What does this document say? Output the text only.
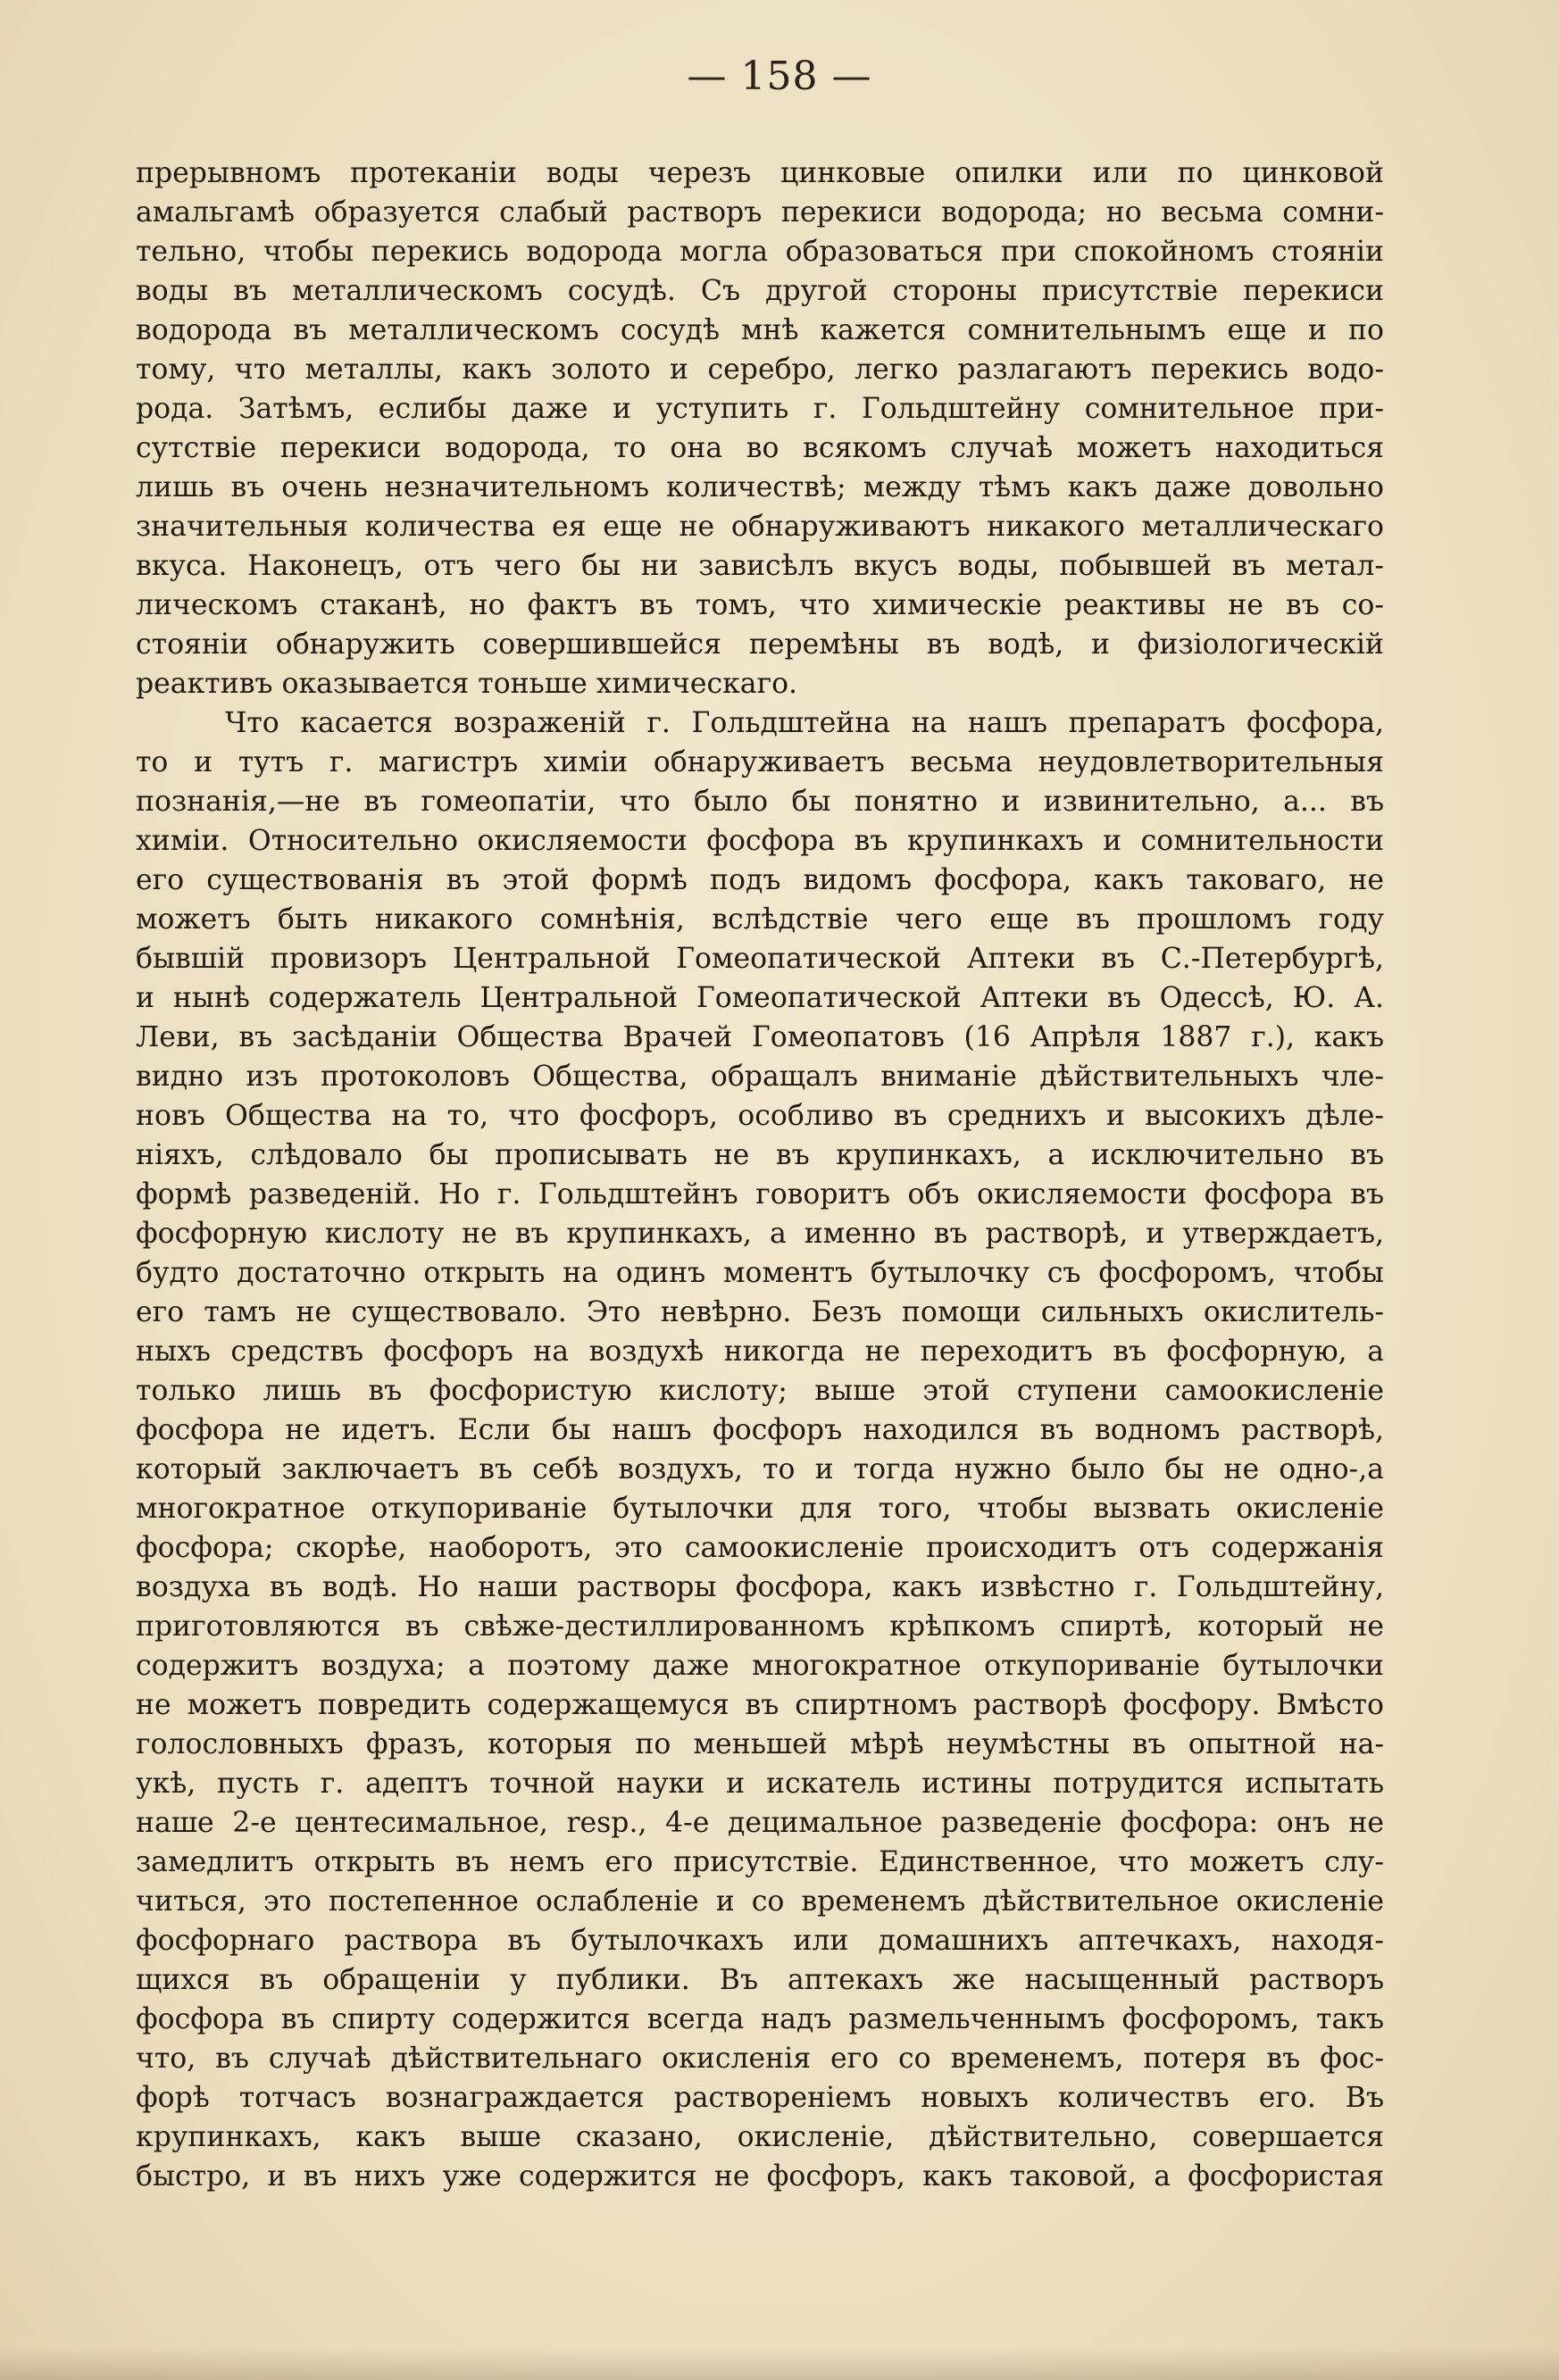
— 158 —
прерывномъ протеканіи воды черезъ цинковые опилки или по цинковой
амальгамѣ образуется слабый растворъ перекиси водорода; но весьма сомни-
тельно, чтобы перекись водорода могла образоваться при спокойномъ стояніи
воды въ металлическомъ сосудѣ. Съ другой стороны присутствіе перекиси
водорода въ металлическомъ сосудѣ мнѣ кажется сомнительнымъ еще и по
тому, что металлы, какъ золото и серебро, легко разлагаютъ перекись водо-
рода. Затѣмъ, еслибы даже и уступить г. Гольдштейну сомнительное при-
сутствіе перекиси водорода, то она во всякомъ случаѣ можетъ находиться
лишь въ очень незначительномъ количествѣ; между тѣмъ какъ даже довольно
значительныя количества ея еще не обнаруживаютъ никакого металлическаго
вкуса. Наконецъ, отъ чего бы ни зависѣлъ вкусъ воды, побывшей въ метал-
лическомъ стаканѣ, но фактъ въ томъ, что химическіе реактивы не въ со-
стояніи обнаружить совершившейся перемѣны въ водѣ, и физіологическій
реактивъ оказывается тоньше химическаго.
Что касается возраженій г. Гольдштейна на нашъ препаратъ фосфора,
то и тутъ г. магистръ химіи обнаруживаетъ весьма неудовлетворительныя
познанія,—не въ гомеопатіи, что было бы понятно и извинительно, а... въ
химіи. Относительно окисляемости фосфора въ крупинкахъ и сомнительности
его существованія въ этой формѣ подъ видомъ фосфора, какъ таковаго, не
можетъ быть никакого сомнѣнія, вслѣдствіе чего еще въ прошломъ году
бывшій провизоръ Центральной Гомеопатической Аптеки въ С.-Петербургѣ,
и нынѣ содержатель Центральной Гомеопатической Аптеки въ Одессѣ, Ю. А.
Леви, въ засѣданіи Общества Врачей Гомеопатовъ (16 Апрѣля 1887 г.), какъ
видно изъ протоколовъ Общества, обращалъ вниманіе дѣйствительныхъ чле-
новъ Общества на то, что фосфоръ, особливо въ среднихъ и высокихъ дѣле-
ніяхъ, слѣдовало бы прописывать не въ крупинкахъ, а исключительно въ
формѣ разведеній. Но г. Гольдштейнъ говоритъ объ окисляемости фосфора въ
фосфорную кислоту не въ крупинкахъ, а именно въ растворѣ, и утверждаетъ,
будто достаточно открыть на одинъ моментъ бутылочку съ фосфоромъ, чтобы
его тамъ не существовало. Это невѣрно. Безъ помощи сильныхъ окислитель-
ныхъ средствъ фосфоръ на воздухѣ никогда не переходитъ въ фосфорную, а
только лишь въ фосфористую кислоту; выше этой ступени самоокисленіе
фосфора не идетъ. Если бы нашъ фосфоръ находился въ водномъ растворѣ,
который заключаетъ въ себѣ воздухъ, то и тогда нужно было бы не одно-,а
многократное откупориваніе бутылочки для того, чтобы вызвать окисленіе
фосфора; скорѣе, наоборотъ, это самоокисленіе происходитъ отъ содержанія
воздуха въ водѣ. Но наши растворы фосфора, какъ извѣстно г. Гольдштейну,
приготовляются въ свѣже-дестиллированномъ крѣпкомъ спиртѣ, который не
содержитъ воздуха; а поэтому даже многократное откупориваніе бутылочки
не можетъ повредить содержащемуся въ спиртномъ растворѣ фосфору. Вмѣсто
голословныхъ фразъ, которыя по меньшей мѣрѣ неумѣстны въ опытной на-
укѣ, пусть г. адептъ точной науки и искатель истины потрудится испытать
наше 2-е центесимальное, resp., 4-е децимальное разведеніе фосфора: онъ не
замедлитъ открыть въ немъ его присутствіе. Единственное, что можетъ слу-
читься, это постепенное ослабленіе и со временемъ дѣйствительное окисленіе
фосфорнаго раствора въ бутылочкахъ или домашнихъ аптечкахъ, находя-
щихся въ обращеніи у публики. Въ аптекахъ же насыщенный растворъ
фосфора въ спирту содержится всегда надъ размельченнымъ фосфоромъ, такъ
что, въ случаѣ дѣйствительнаго окисленія его со временемъ, потеря въ фос-
форѣ тотчасъ вознаграждается раствореніемъ новыхъ количествъ его. Въ
крупинкахъ, какъ выше сказано, окисленіе, дѣйствительно, совершается
быстро, и въ нихъ уже содержится не фосфоръ, какъ таковой, а фосфористая
